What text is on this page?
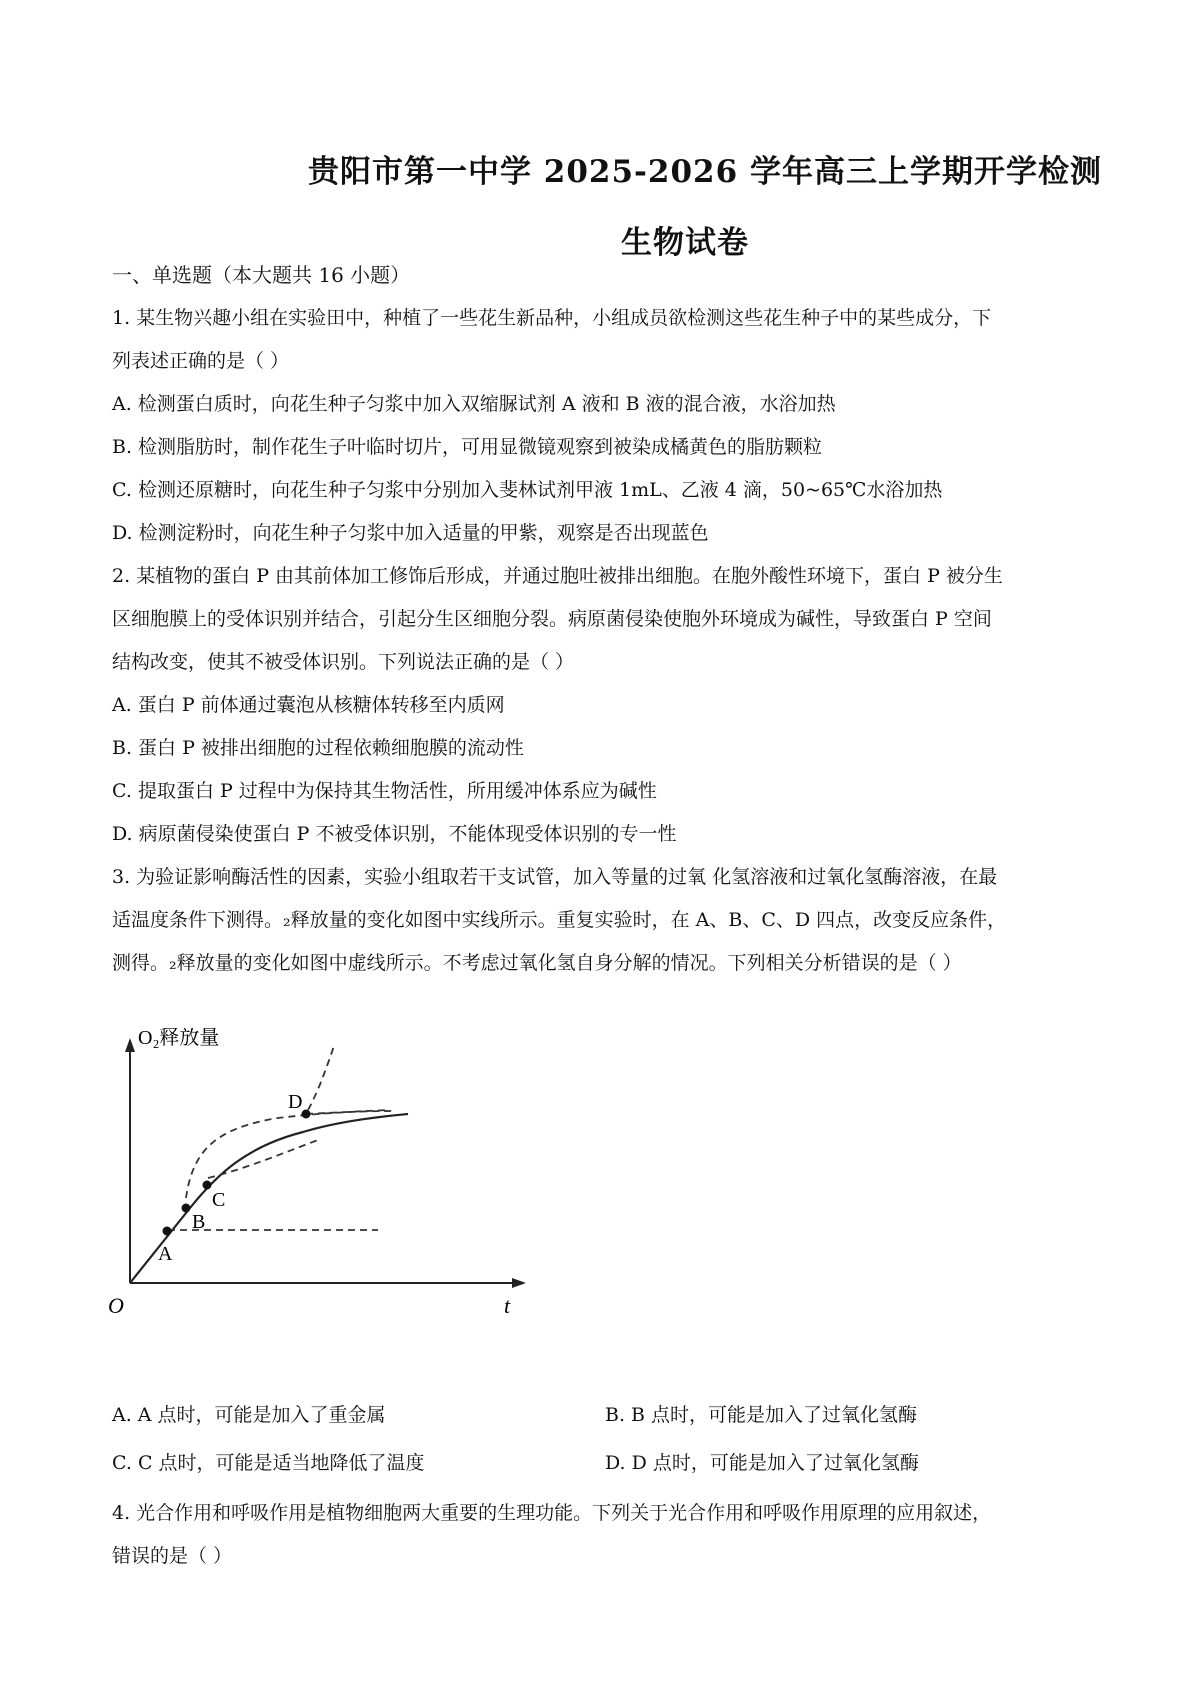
贵阳市第一中学 2025-2026 学年高三上学期开学检测
生物试卷
一、单选题（本大题共 16 小题）
1. 某生物兴趣小组在实验田中，种植了一些花生新品种，小组成员欲检测这些花生种子中的某些成分，下
列表述正确的是（ ）
A. 检测蛋白质时，向花生种子匀浆中加入双缩脲试剂 A 液和 B 液的混合液，水浴加热
B. 检测脂肪时，制作花生子叶临时切片，可用显微镜观察到被染成橘黄色的脂肪颗粒
C. 检测还原糖时，向花生种子匀浆中分别加入斐林试剂甲液 1mL、乙液 4 滴，50~65℃水浴加热
D. 检测淀粉时，向花生种子匀浆中加入适量的甲紫，观察是否出现蓝色
2. 某植物的蛋白 P 由其前体加工修饰后形成，并通过胞吐被排出细胞。在胞外酸性环境下，蛋白 P 被分生
区细胞膜上的受体识别并结合，引起分生区细胞分裂。病原菌侵染使胞外环境成为碱性，导致蛋白 P 空间
结构改变，使其不被受体识别。下列说法正确的是（ ）
A. 蛋白 P 前体通过囊泡从核糖体转移至内质网
B. 蛋白 P 被排出细胞的过程依赖细胞膜的流动性
C. 提取蛋白 P 过程中为保持其生物活性，所用缓冲体系应为碱性
D. 病原菌侵染使蛋白 P 不被受体识别，不能体现受体识别的专一性
3. 为验证影响酶活性的因素，实验小组取若干支试管，加入等量的过氧 化氢溶液和过氧化氢酶溶液，在最
适温度条件下测得。₂释放量的变化如图中实线所示。重复实验时，在 A、B、C、D 四点，改变反应条件，
测得。₂释放量的变化如图中虚线所示。不考虑过氧化氢自身分解的情况。下列相关分析错误的是（ ）
A
B
C
D
O	t
O₂释放量
A. A 点时，可能是加入了重金属	B. B 点时，可能是加入了过氧化氢酶
C. C 点时，可能是适当地降低了温度	D. D 点时，可能是加入了过氧化氢酶
4. 光合作用和呼吸作用是植物细胞两大重要的生理功能。下列关于光合作用和呼吸作用原理的应用叙述，
错误的是（ ）
